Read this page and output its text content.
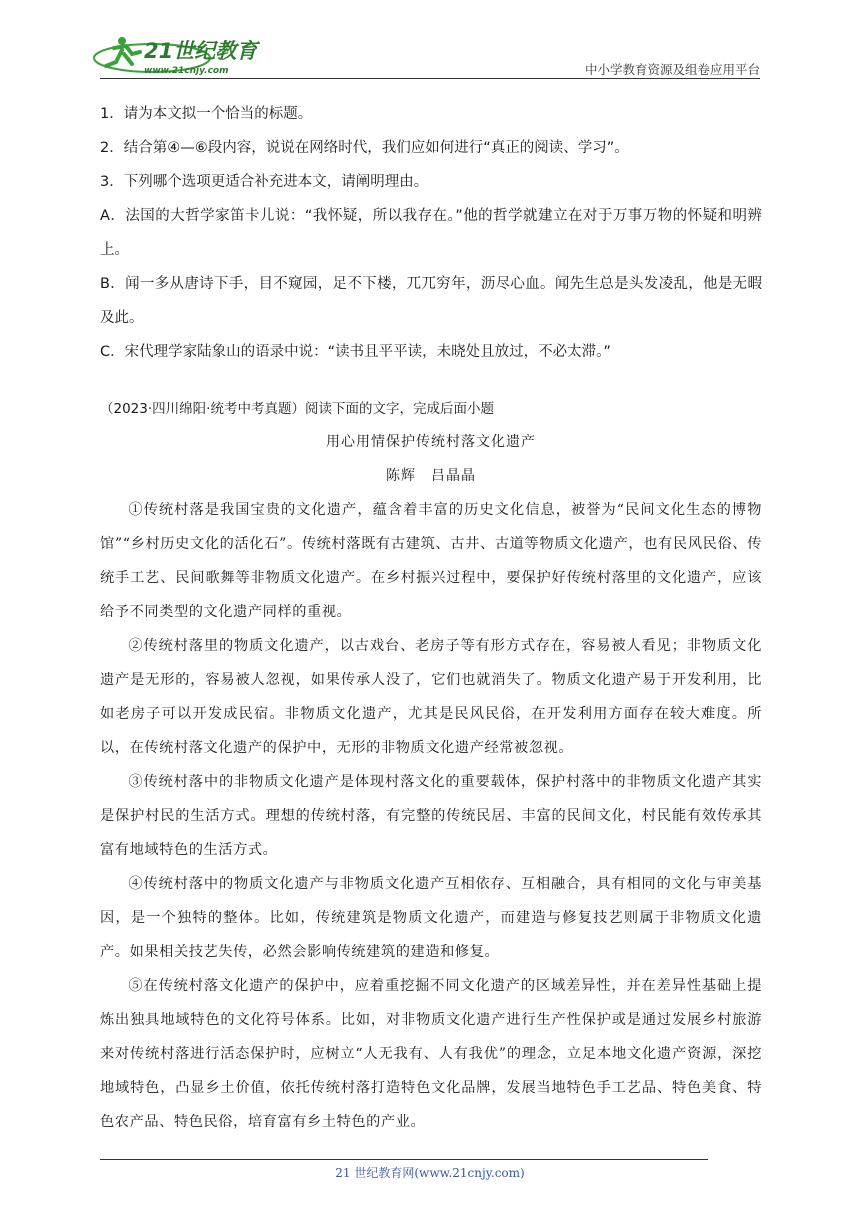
21世纪教育
www.21cnjy.com	中小学教育资源及组卷应用平台

1．请为本文拟一个恰当的标题。

2．结合第④—⑥段内容，说说在网络时代，我们应如何进行“真正的阅读、学习”。

3．下列哪个选项更适合补充进本文，请阐明理由。

A．法国的大哲学家笛卡儿说：“我怀疑，所以我存在。”他的哲学就建立在对于万事万物的怀疑和明辨上。

B．闻一多从唐诗下手，目不窥园，足不下楼，兀兀穷年，沥尽心血。闻先生总是头发凌乱，他是无暇及此。

C．宋代理学家陆象山的语录中说：“读书且平平读，未晓处且放过，不必太滞。”

（2023·四川绵阳·统考中考真题）阅读下面的文字，完成后面小题

用心用情保护传统村落文化遗产

陈辉　吕晶晶

①传统村落是我国宝贵的文化遗产，蕴含着丰富的历史文化信息，被誉为“民间文化生态的博物馆”“乡村历史文化的活化石”。传统村落既有古建筑、古井、古道等物质文化遗产，也有民风民俗、传统手工艺、民间歌舞等非物质文化遗产。在乡村振兴过程中，要保护好传统村落里的文化遗产，应该给予不同类型的文化遗产同样的重视。

②传统村落里的物质文化遗产，以古戏台、老房子等有形方式存在，容易被人看见；非物质文化遗产是无形的，容易被人忽视，如果传承人没了，它们也就消失了。物质文化遗产易于开发利用，比如老房子可以开发成民宿。非物质文化遗产，尤其是民风民俗，在开发利用方面存在较大难度。所以，在传统村落文化遗产的保护中，无形的非物质文化遗产经常被忽视。

③传统村落中的非物质文化遗产是体现村落文化的重要载体，保护村落中的非物质文化遗产其实是保护村民的生活方式。理想的传统村落，有完整的传统民居、丰富的民间文化，村民能有效传承其富有地域特色的生活方式。

④传统村落中的物质文化遗产与非物质文化遗产互相依存、互相融合，具有相同的文化与审美基因，是一个独特的整体。比如，传统建筑是物质文化遗产，而建造与修复技艺则属于非物质文化遗产。如果相关技艺失传，必然会影响传统建筑的建造和修复。

⑤在传统村落文化遗产的保护中，应着重挖掘不同文化遗产的区域差异性，并在差异性基础上提炼出独具地域特色的文化符号体系。比如，对非物质文化遗产进行生产性保护或是通过发展乡村旅游来对传统村落进行活态保护时，应树立“人无我有、人有我优”的理念，立足本地文化遗产资源，深挖地域特色，凸显乡土价值，依托传统村落打造特色文化品牌，发展当地特色手工艺品、特色美食、特色农产品、特色民俗，培育富有乡土特色的产业。

21 世纪教育网(www.21cnjy.com)
